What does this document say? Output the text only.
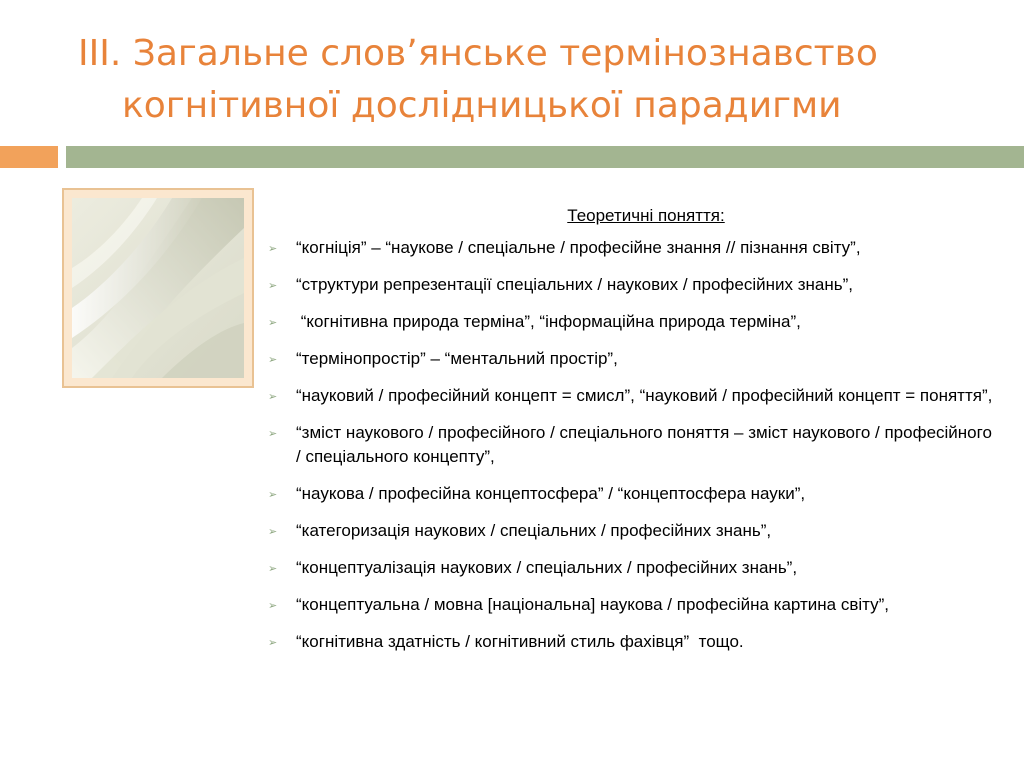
ІІІ. Загальне слов’янське термінознавство
когнітивної дослідницької парадигми

Теоретичні поняття:

➢ “когніція” – “наукове / спеціальне / професійне знання // пізнання світу”,
➢ “структури репрезентації спеціальних / наукових / професійних знань”,
➢ “когнітивна природа терміна”, “інформаційна природа терміна”,
➢ “термінопростір” – “ментальний простір”,
➢ “науковий / професійний концепт = смисл”, “науковий / професійний концепт = поняття”,
➢ “зміст наукового / професійного / спеціального поняття – зміст наукового / професійного / спеціального концепту”,
➢ “наукова / професійна концептосфера” / “концептосфера науки”,
➢ “категоризація наукових / спеціальних / професійних знань”,
➢ “концептуалізація наукових / спеціальних / професійних знань”,
➢ “концептуальна / мовна [національна] наукова / професійна картина світу”,
➢ “когнітивна здатність / когнітивний стиль фахівця”  тощо.
